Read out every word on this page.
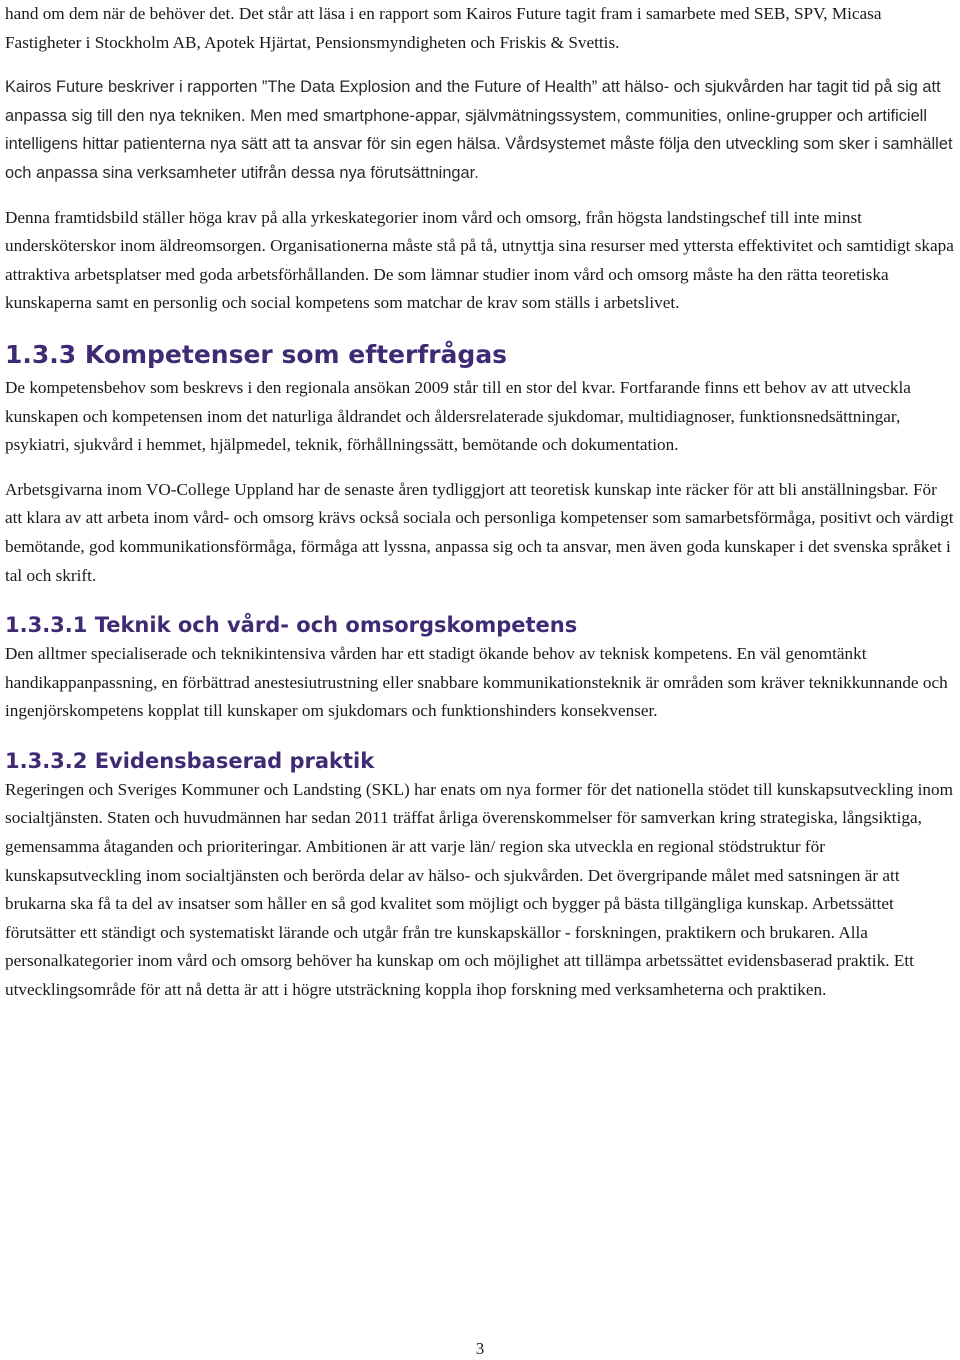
hand om dem när de behöver det. Det står att läsa i en rapport som Kairos Future tagit fram i samarbete med SEB, SPV, Micasa Fastigheter i Stockholm AB, Apotek Hjärtat, Pensionsmyndigheten och Friskis & Svettis.

Kairos Future beskriver i rapporten ”The Data Explosion and the Future of Health” att hälso- och sjukvården har tagit tid på sig att anpassa sig till den nya tekniken. Men med smartphone-appar, självmätningssystem, communities, online-grupper och artificiell intelligens hittar patienterna nya sätt att ta ansvar för sin egen hälsa. Vårdsystemet måste följa den utveckling som sker i samhället och anpassa sina verksamheter utifrån dessa nya förutsättningar.

Denna framtidsbild ställer höga krav på alla yrkeskategorier inom vård och omsorg, från högsta landstingschef till inte minst undersköterskor inom äldreomsorgen. Organisationerna måste stå på tå, utnyttja sina resurser med yttersta effektivitet och samtidigt skapa attraktiva arbetsplatser med goda arbetsförhållanden. De som lämnar studier inom vård och omsorg måste ha den rätta teoretiska kunskaperna samt en personlig och social kompetens som matchar de krav som ställs i arbetslivet.

1.3.3 Kompetenser som efterfrågas

De kompetensbehov som beskrevs i den regionala ansökan 2009 står till en stor del kvar. Fortfarande finns ett behov av att utveckla kunskapen och kompetensen inom det naturliga åldrandet och åldersrelaterade sjukdomar, multidiagnoser, funktionsnedsättningar, psykiatri, sjukvård i hemmet, hjälpmedel, teknik, förhållningssätt, bemötande och dokumentation.

Arbetsgivarna inom VO-College Uppland har de senaste åren tydliggjort att teoretisk kunskap inte räcker för att bli anställningsbar. För att klara av att arbeta inom vård- och omsorg krävs också sociala och personliga kompetenser som samarbetsförmåga, positivt och värdigt bemötande, god kommunikationsförmåga, förmåga att lyssna, anpassa sig och ta ansvar, men även goda kunskaper i det svenska språket i tal och skrift.

1.3.3.1 Teknik och vård- och omsorgskompetens

Den alltmer specialiserade och teknikintensiva vården har ett stadigt ökande behov av teknisk kompetens. En väl genomtänkt handikappanpassning, en förbättrad anestesiutrustning eller snabbare kommunikationsteknik är områden som kräver teknikkunnande och ingenjörskompetens kopplat till kunskaper om sjukdomars och funktionshinders konsekvenser.

1.3.3.2 Evidensbaserad praktik

Regeringen och Sveriges Kommuner och Landsting (SKL) har enats om nya former för det nationella stödet till kunskapsutveckling inom socialtjänsten. Staten och huvudmännen har sedan 2011 träffat årliga överenskommelser för samverkan kring strategiska, långsiktiga, gemensamma åtaganden och prioriteringar. Ambitionen är att varje län/ region ska utveckla en regional stödstruktur för kunskapsutveckling inom socialtjänsten och berörda delar av hälso- och sjukvården. Det övergripande målet med satsningen är att brukarna ska få ta del av insatser som håller en så god kvalitet som möjligt och bygger på bästa tillgängliga kunskap. Arbetssättet förutsätter ett ständigt och systematiskt lärande och utgår från tre kunskapskällor - forskningen, praktikern och brukaren. Alla personalkategorier inom vård och omsorg behöver ha kunskap om och möjlighet att tillämpa arbetssättet evidensbaserad praktik. Ett utvecklingsområde för att nå detta är att i högre utsträckning koppla ihop forskning med verksamheterna och praktiken.

3
